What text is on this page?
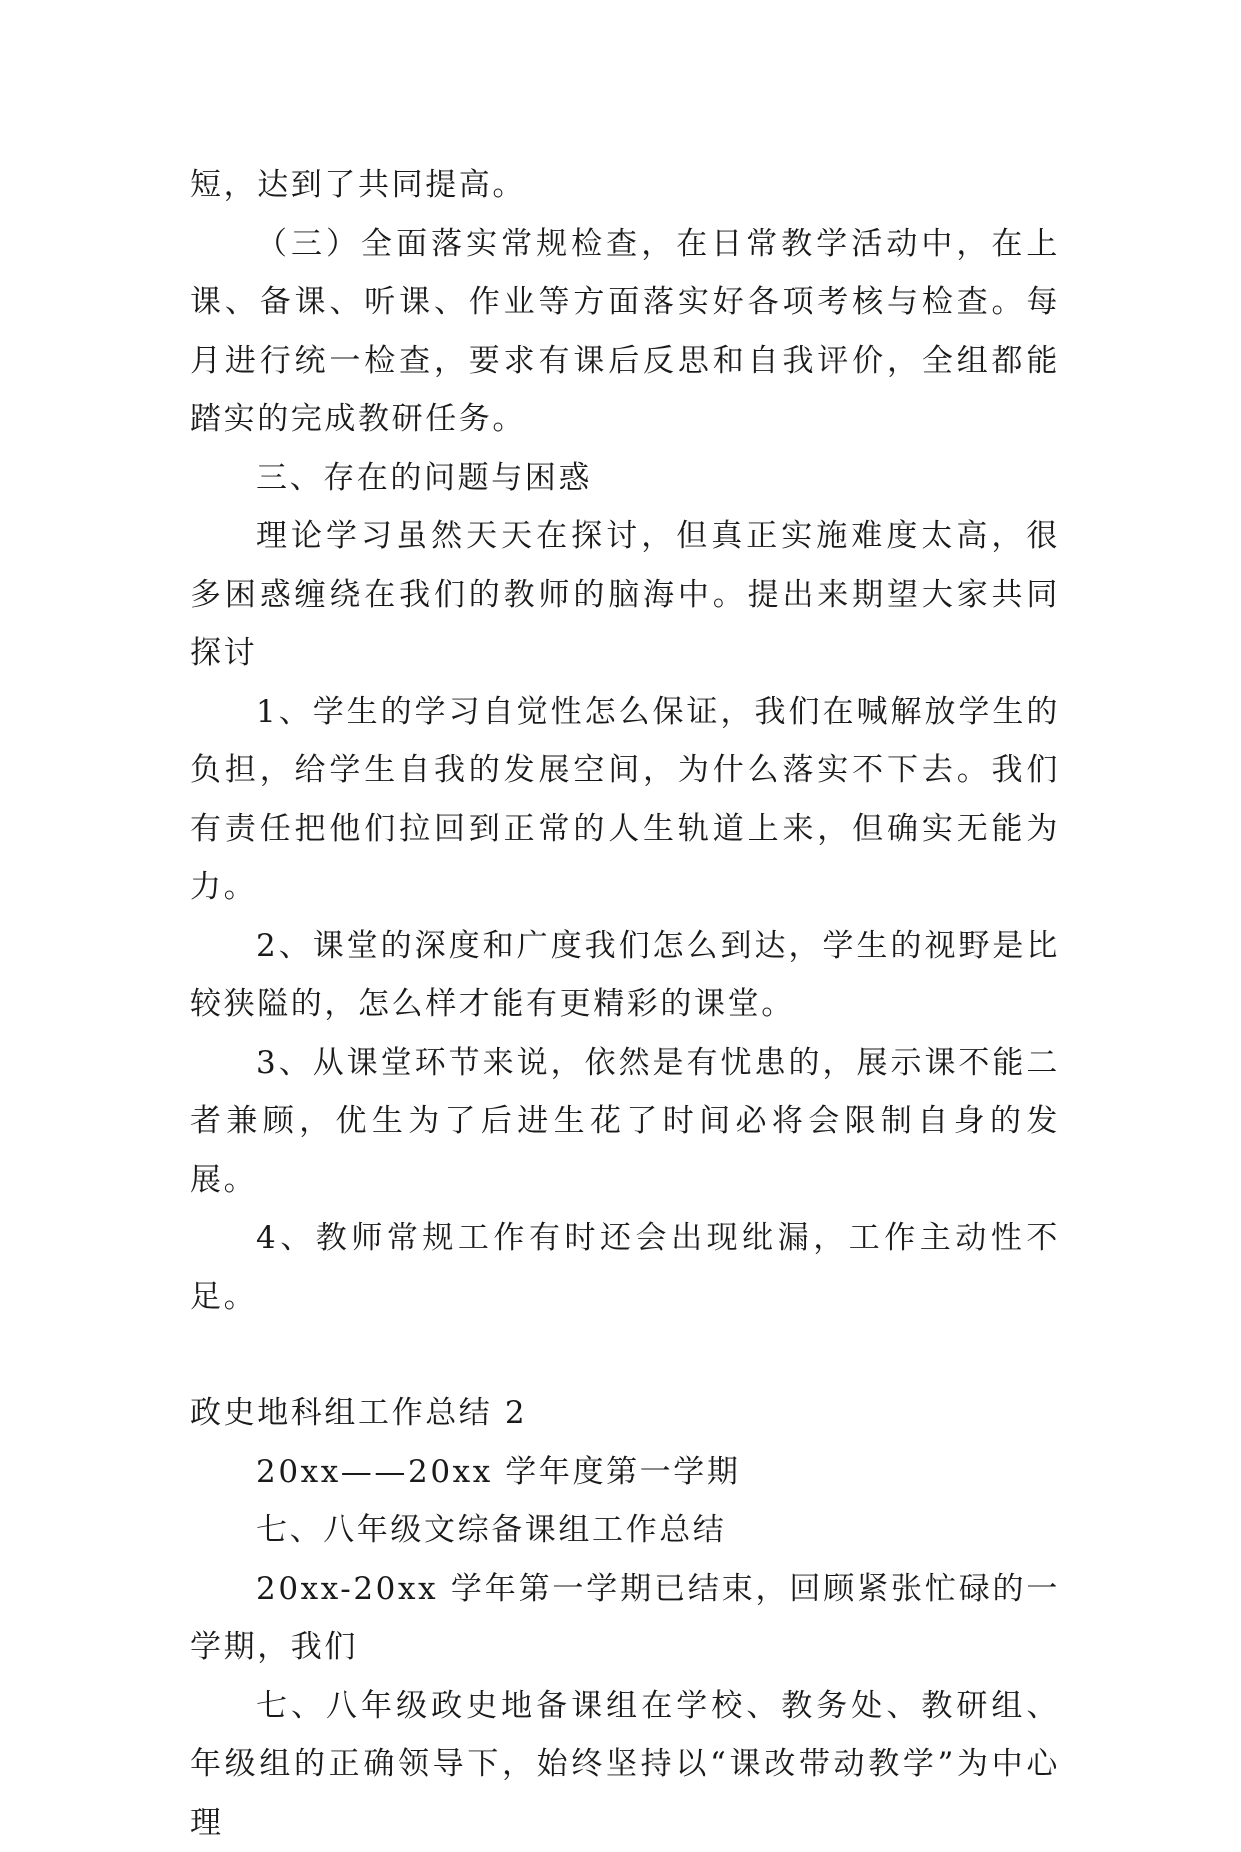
短，达到了共同提高。

（三）全面落实常规检查，在日常教学活动中，在上课、备课、听课、作业等方面落实好各项考核与检查。每月进行统一检查，要求有课后反思和自我评价，全组都能踏实的完成教研任务。

三、存在的问题与困惑

理论学习虽然天天在探讨，但真正实施难度太高，很多困惑缠绕在我们的教师的脑海中。提出来期望大家共同探讨

1、学生的学习自觉性怎么保证，我们在喊解放学生的负担，给学生自我的发展空间，为什么落实不下去。我们有责任把他们拉回到正常的人生轨道上来，但确实无能为力。

2、课堂的深度和广度我们怎么到达，学生的视野是比较狭隘的，怎么样才能有更精彩的课堂。

3、从课堂环节来说，依然是有忧患的，展示课不能二者兼顾，优生为了后进生花了时间必将会限制自身的发展。

4、教师常规工作有时还会出现纰漏，工作主动性不足。

政史地科组工作总结 2

20xx——20xx 学年度第一学期

七、八年级文综备课组工作总结

20xx-20xx 学年第一学期已结束，回顾紧张忙碌的一学期，我们

七、八年级政史地备课组在学校、教务处、教研组、年级组的正确领导下，始终坚持以“课改带动教学”为中心理
